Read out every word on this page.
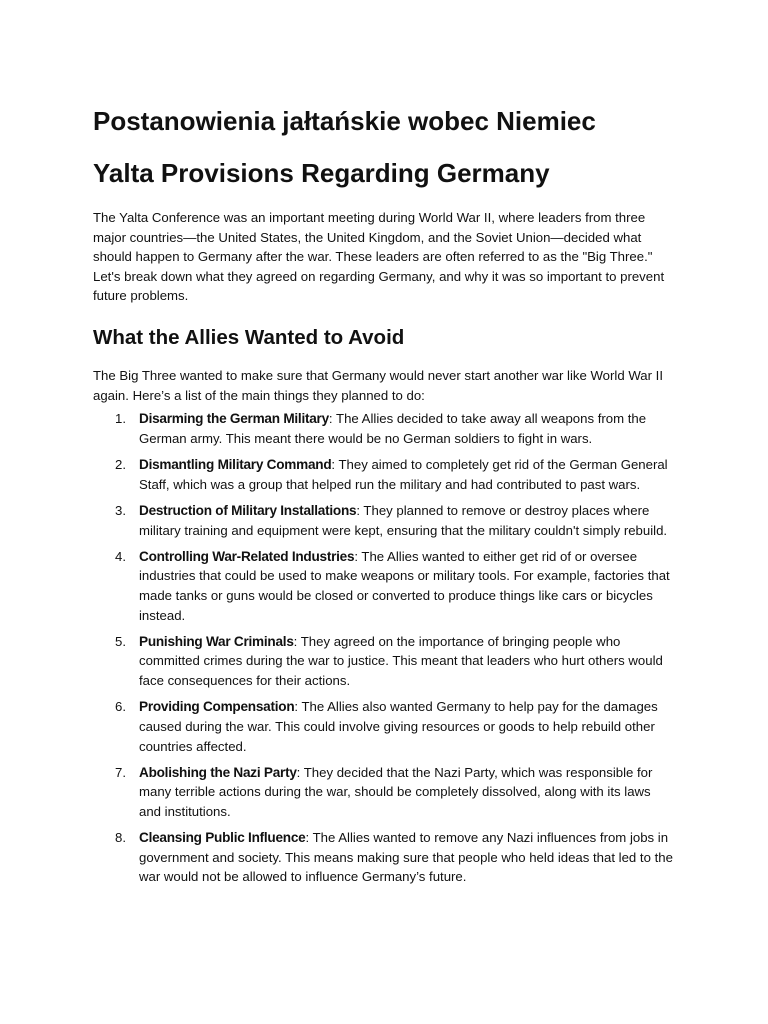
Postanowienia jałtańskie wobec Niemiec
Yalta Provisions Regarding Germany

The Yalta Conference was an important meeting during World War II, where leaders from three major countries—the United States, the United Kingdom, and the Soviet Union—decided what should happen to Germany after the war. These leaders are often referred to as the "Big Three." Let's break down what they agreed on regarding Germany, and why it was so important to prevent future problems.

What the Allies Wanted to Avoid

The Big Three wanted to make sure that Germany would never start another war like World War II again. Here’s a list of the main things they planned to do:

1. Disarming the German Military: The Allies decided to take away all weapons from the German army. This meant there would be no German soldiers to fight in wars.
2. Dismantling Military Command: They aimed to completely get rid of the German General Staff, which was a group that helped run the military and had contributed to past wars.
3. Destruction of Military Installations: They planned to remove or destroy places where military training and equipment were kept, ensuring that the military couldn't simply rebuild.
4. Controlling War-Related Industries: The Allies wanted to either get rid of or oversee industries that could be used to make weapons or military tools. For example, factories that made tanks or guns would be closed or converted to produce things like cars or bicycles instead.
5. Punishing War Criminals: They agreed on the importance of bringing people who committed crimes during the war to justice. This meant that leaders who hurt others would face consequences for their actions.
6. Providing Compensation: The Allies also wanted Germany to help pay for the damages caused during the war. This could involve giving resources or goods to help rebuild other countries affected.
7. Abolishing the Nazi Party: They decided that the Nazi Party, which was responsible for many terrible actions during the war, should be completely dissolved, along with its laws and institutions.
8. Cleansing Public Influence: The Allies wanted to remove any Nazi influences from jobs in government and society. This means making sure that people who held ideas that led to the war would not be allowed to influence Germany’s future.
